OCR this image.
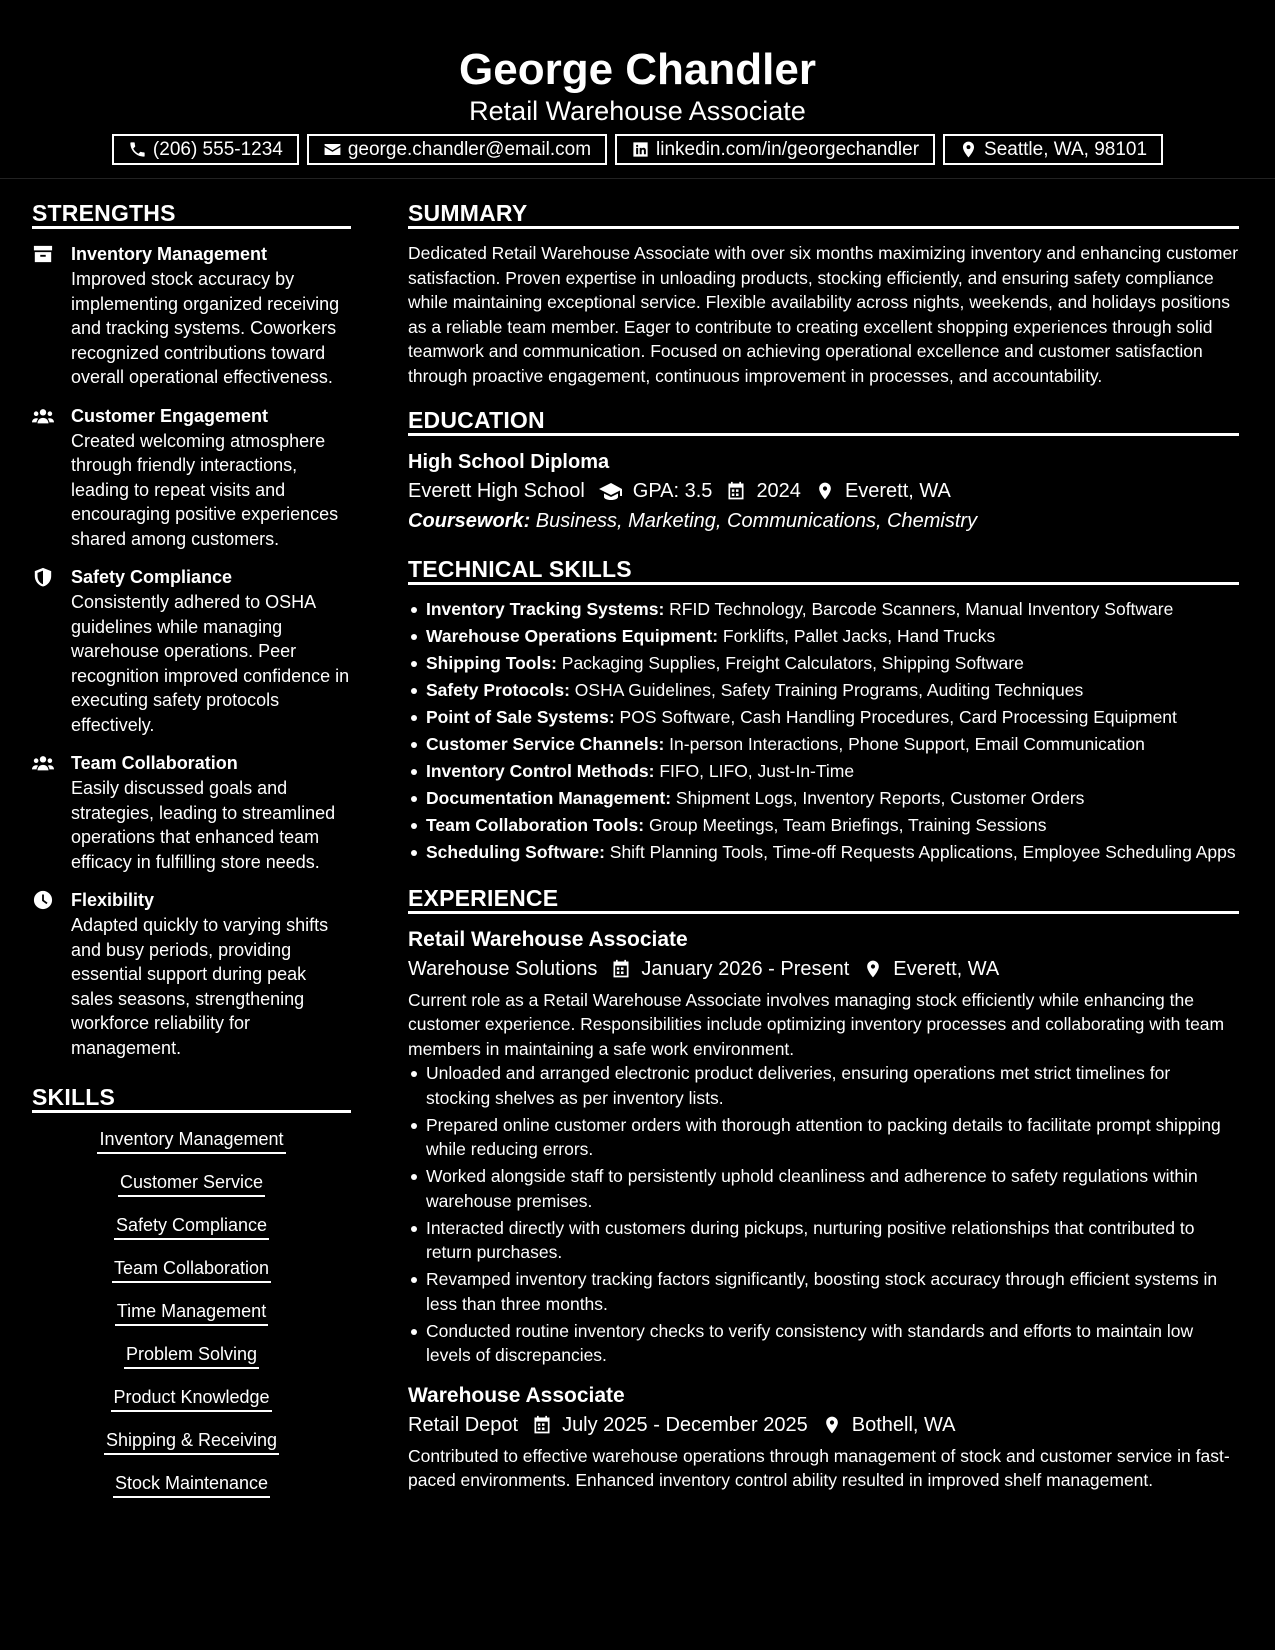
George Chandler
Retail Warehouse Associate
(206) 555-1234	george.chandler@email.com	linkedin.com/in/georgechandler	Seattle, WA, 98101
STRENGTHS
Inventory Management
Improved stock accuracy by implementing organized receiving and tracking systems. Coworkers recognized contributions toward overall operational effectiveness.
Customer Engagement
Created welcoming atmosphere through friendly interactions, leading to repeat visits and encouraging positive experiences shared among customers.
Safety Compliance
Consistently adhered to OSHA guidelines while managing warehouse operations. Peer recognition improved confidence in executing safety protocols effectively.
Team Collaboration
Easily discussed goals and strategies, leading to streamlined operations that enhanced team efficacy in fulfilling store needs.
Flexibility
Adapted quickly to varying shifts and busy periods, providing essential support during peak sales seasons, strengthening workforce reliability for management.
SKILLS
Inventory Management
Customer Service
Safety Compliance
Team Collaboration
Time Management
Problem Solving
Product Knowledge
Shipping & Receiving
Stock Maintenance
SUMMARY
Dedicated Retail Warehouse Associate with over six months maximizing inventory and enhancing customer satisfaction. Proven expertise in unloading products, stocking efficiently, and ensuring safety compliance while maintaining exceptional service. Flexible availability across nights, weekends, and holidays positions as a reliable team member. Eager to contribute to creating excellent shopping experiences through solid teamwork and communication. Focused on achieving operational excellence and customer satisfaction through proactive engagement, continuous improvement in processes, and accountability.
EDUCATION
High School Diploma
Everett High School GPA: 3.5 2024 Everett, WA
Coursework: Business, Marketing, Communications, Chemistry
TECHNICAL SKILLS
Inventory Tracking Systems: RFID Technology, Barcode Scanners, Manual Inventory Software
Warehouse Operations Equipment: Forklifts, Pallet Jacks, Hand Trucks
Shipping Tools: Packaging Supplies, Freight Calculators, Shipping Software
Safety Protocols: OSHA Guidelines, Safety Training Programs, Auditing Techniques
Point of Sale Systems: POS Software, Cash Handling Procedures, Card Processing Equipment
Customer Service Channels: In-person Interactions, Phone Support, Email Communication
Inventory Control Methods: FIFO, LIFO, Just-In-Time
Documentation Management: Shipment Logs, Inventory Reports, Customer Orders
Team Collaboration Tools: Group Meetings, Team Briefings, Training Sessions
Scheduling Software: Shift Planning Tools, Time-off Requests Applications, Employee Scheduling Apps
EXPERIENCE
Retail Warehouse Associate
Warehouse Solutions January 2026 - Present Everett, WA
Current role as a Retail Warehouse Associate involves managing stock efficiently while enhancing the customer experience. Responsibilities include optimizing inventory processes and collaborating with team members in maintaining a safe work environment.
Unloaded and arranged electronic product deliveries, ensuring operations met strict timelines for stocking shelves as per inventory lists.
Prepared online customer orders with thorough attention to packing details to facilitate prompt shipping while reducing errors.
Worked alongside staff to persistently uphold cleanliness and adherence to safety regulations within warehouse premises.
Interacted directly with customers during pickups, nurturing positive relationships that contributed to return purchases.
Revamped inventory tracking factors significantly, boosting stock accuracy through efficient systems in less than three months.
Conducted routine inventory checks to verify consistency with standards and efforts to maintain low levels of discrepancies.
Warehouse Associate
Retail Depot July 2025 - December 2025 Bothell, WA
Contributed to effective warehouse operations through management of stock and customer service in fast-paced environments. Enhanced inventory control ability resulted in improved shelf management.
